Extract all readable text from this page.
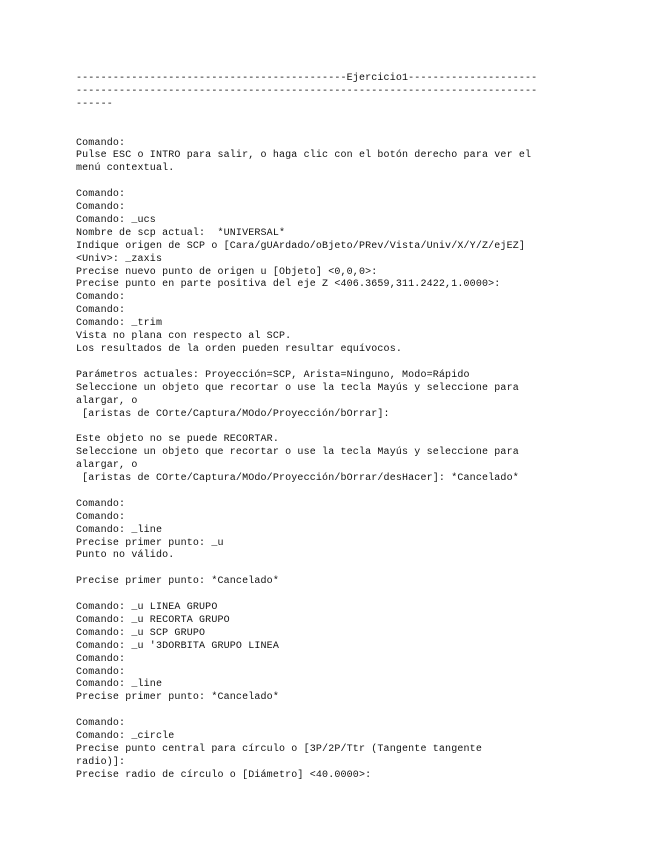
--------------------------------------------Ejercicio1---------------------
---------------------------------------------------------------------------
------
Comando:
Pulse ESC o INTRO para salir, o haga clic con el botón derecho para ver el
menú contextual.
Comando:
Comando:
Comando: _ucs
Nombre de scp actual:  *UNIVERSAL*
Indique origen de SCP o [Cara/gUArdado/oBjeto/PRev/Vista/Univ/X/Y/Z/ejEZ]
<Univ>: _zaxis
Precise nuevo punto de origen u [Objeto] <0,0,0>:
Precise punto en parte positiva del eje Z <406.3659,311.2422,1.0000>:
Comando:
Comando:
Comando: _trim
Vista no plana con respecto al SCP.
Los resultados de la orden pueden resultar equívocos.
Parámetros actuales: Proyección=SCP, Arista=Ninguno, Modo=Rápido
Seleccione un objeto que recortar o use la tecla Mayús y seleccione para
alargar, o
[aristas de COrte/Captura/MOdo/Proyección/bOrrar]:
Este objeto no se puede RECORTAR.
Seleccione un objeto que recortar o use la tecla Mayús y seleccione para
alargar, o
[aristas de COrte/Captura/MOdo/Proyección/bOrrar/desHacer]: *Cancelado*
Comando:
Comando:
Comando: _line
Precise primer punto: _u
Punto no válido.
Precise primer punto: *Cancelado*
Comando: _u LINEA GRUPO
Comando: _u RECORTA GRUPO
Comando: _u SCP GRUPO
Comando: _u '3DORBITA GRUPO LINEA
Comando:
Comando:
Comando: _line
Precise primer punto: *Cancelado*
Comando:
Comando: _circle
Precise punto central para círculo o [3P/2P/Ttr (Tangente tangente
radio)]:
Precise radio de círculo o [Diámetro] <40.0000>:
